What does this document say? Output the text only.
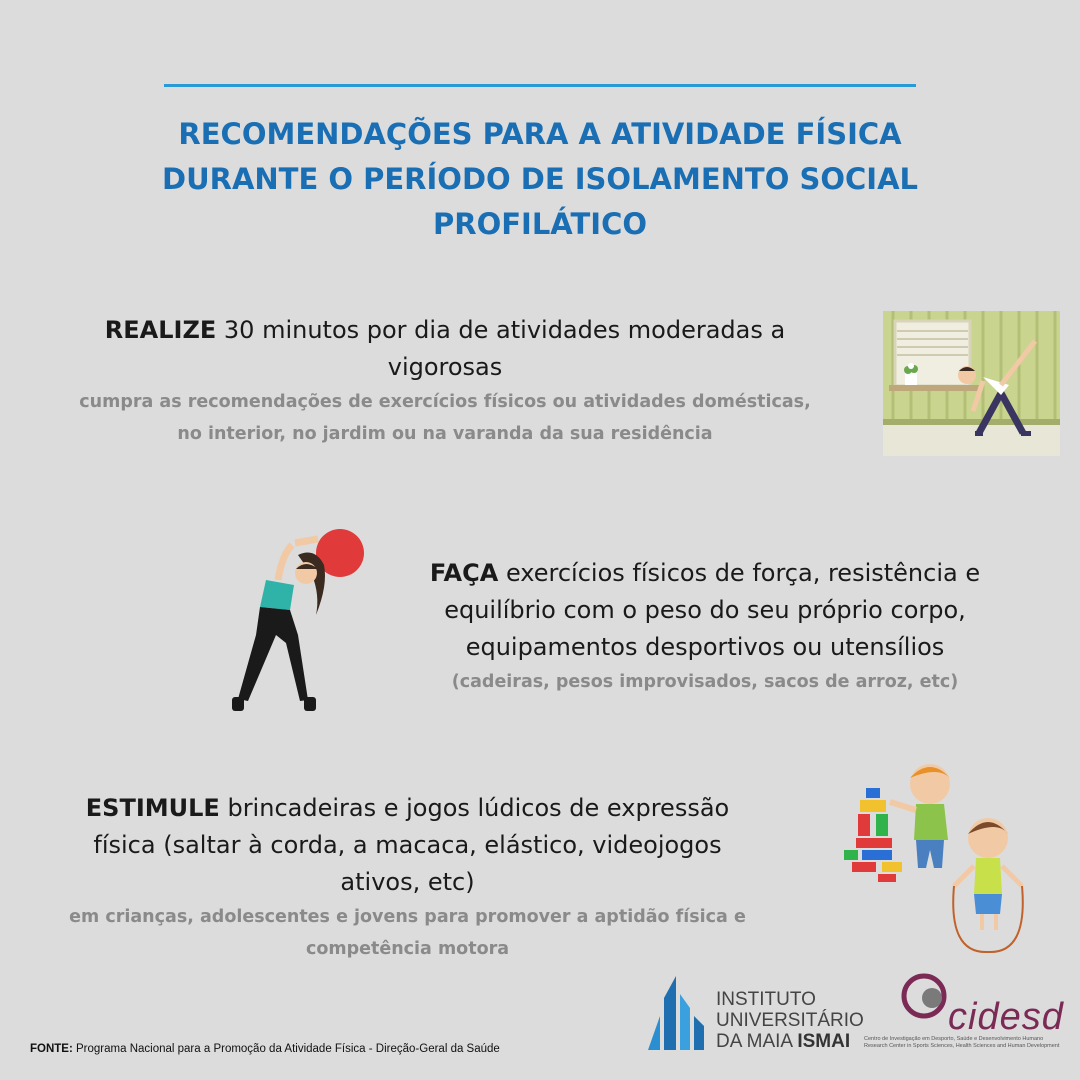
RECOMENDAÇÕES PARA A ATIVIDADE FÍSICA
DURANTE O PERÍODO DE ISOLAMENTO SOCIAL
PROFILÁTICO
REALIZE 30 minutos por dia de atividades moderadas a
vigorosas
cumpra as recomendações de exercícios físicos ou atividades domésticas,
no interior, no jardim ou na varanda da sua residência
FAÇA exercícios físicos de força, resistência e
equilíbrio com o peso do seu próprio corpo,
equipamentos desportivos ou utensílios
(cadeiras, pesos improvisados, sacos de arroz, etc)
ESTIMULE brincadeiras e jogos lúdicos de expressão
física (saltar à corda, a macaca, elástico, videojogos
ativos, etc)
em crianças, adolescentes e jovens para promover a aptidão física e
competência motora
FONTE: Programa Nacional para a Promoção da Atividade Física - Direção-Geral da Saúde
INSTITUTO
UNIVERSITÁRIO
DA MAIA ISMAI
cidesd
Centro de Investigação em Desporto, Saúde e Desenvolvimento Humano
Research Center in Sports Sciences, Health Sciences and Human Development
